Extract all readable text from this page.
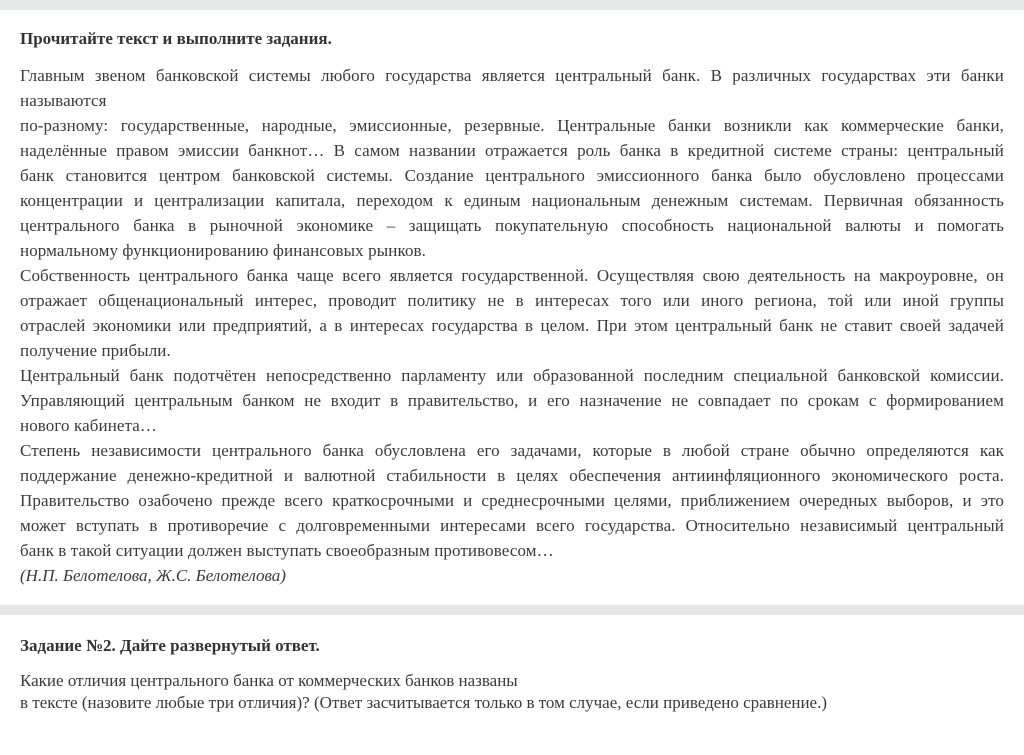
Прочитайте текст и выполните задания.

Главным звеном банковской системы любого государства является центральный банк. В различных государствах эти банки
называются
по-разному: государственные, народные, эмиссионные, резервные. Центральные банки возникли как коммерческие банки,
наделённые правом эмиссии банкнот… В самом названии отражается роль банка в кредитной системе страны: центральный
банк становится центром банковской системы. Создание центрального эмиссионного банка было обусловлено процессами
концентрации и централизации капитала, переходом к единым национальным денежным системам. Первичная обязанность
центрального банка в рыночной экономике – защищать покупательную способность национальной валюты и помогать
нормальному функционированию финансовых рынков.
Собственность центрального банка чаще всего является государственной. Осуществляя свою деятельность на макроуровне, он
отражает общенациональный интерес, проводит политику не в интересах того или иного региона, той или иной группы
отраслей экономики или предприятий, а в интересах государства в целом. При этом центральный банк не ставит своей задачей
получение прибыли.
Центральный банк подотчётен непосредственно парламенту или образованной последним специальной банковской комиссии.
Управляющий центральным банком не входит в правительство, и его назначение не совпадает по срокам с формированием
нового кабинета…
Степень независимости центрального банка обусловлена его задачами, которые в любой стране обычно определяются как
поддержание денежно-кредитной и валютной стабильности в целях обеспечения антиинфляционного экономического роста.
Правительство озабочено прежде всего краткосрочными и среднесрочными целями, приближением очередных выборов, и это
может вступать в противоречие с долговременными интересами всего государства. Относительно независимый центральный
банк в такой ситуации должен выступать своеобразным противовесом…

(Н.П. Белотелова, Ж.С. Белотелова)

Задание №2. Дайте развернутый ответ.

Какие отличия центрального банка от коммерческих банков названы
в тексте (назовите любые три отличия)? (Ответ засчитывается только в том случае, если приведено сравнение.)
